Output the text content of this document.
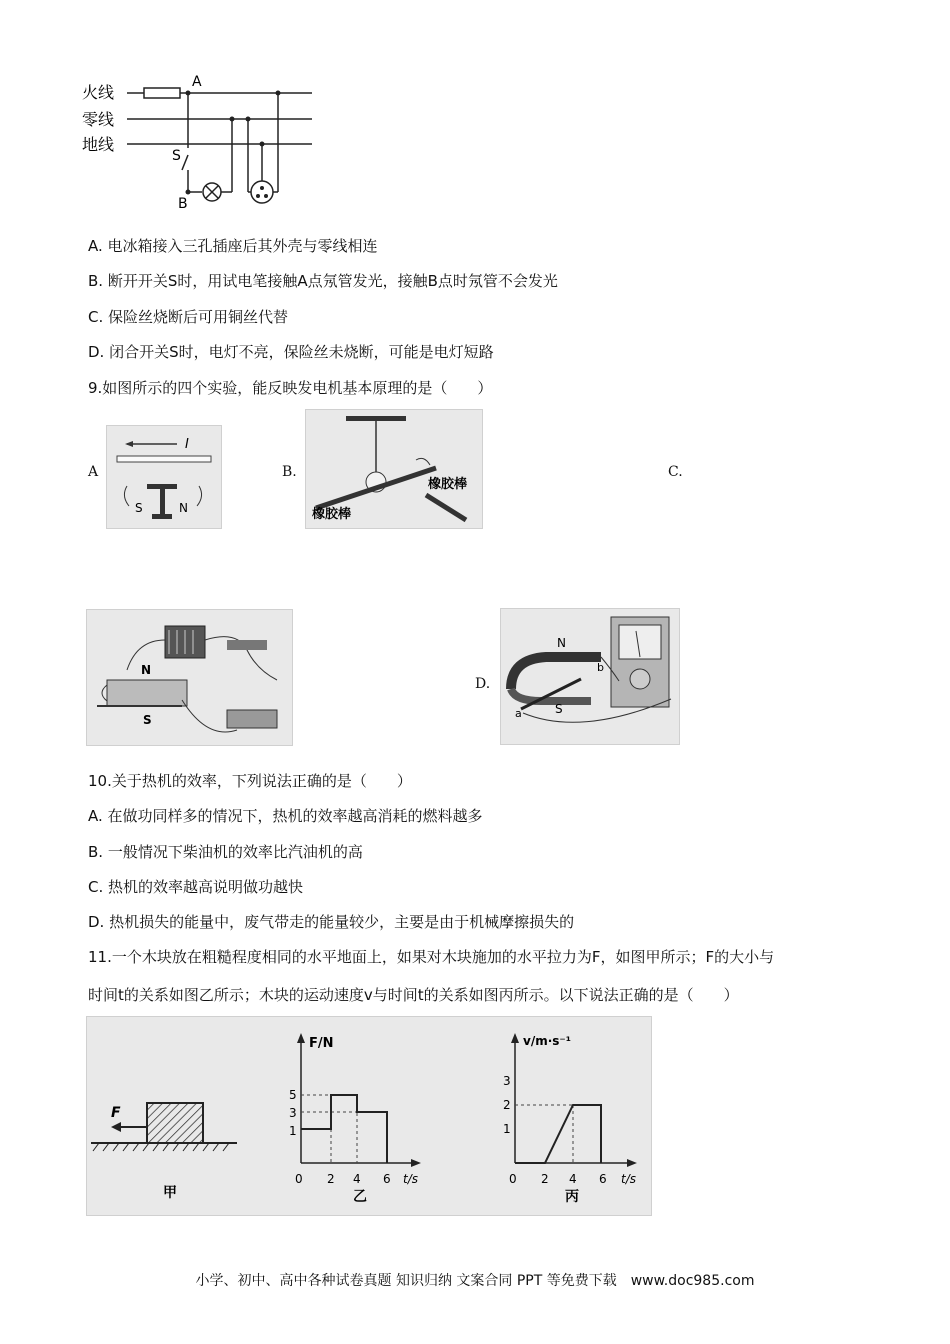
火线
零线
地线
A
S
B
A. 电冰箱接入三孔插座后其外壳与零线相连
B. 断开开关S时，用试电笔接触A点氖管发光，接触B点时氖管不会发光
C. 保险丝烧断后可用铜丝代替
D. 闭合开关S时，电灯不亮，保险丝未烧断，可能是电灯短路
9.如图所示的四个实验，能反映发电机基本原理的是（　　）
A
I
S	N
B.
橡胶棒
橡胶棒
C.
N
S
D.
N
S
a
b
10.关于热机的效率，下列说法正确的是（　　）
A. 在做功同样多的情况下，热机的效率越高消耗的燃料越多
B. 一般情况下柴油机的效率比汽油机的高
C. 热机的效率越高说明做功越快
D. 热机损失的能量中，废气带走的能量较少，主要是由于机械摩擦损失的
11.一个木块放在粗糙程度相同的水平地面上，如果对木块施加的水平拉力为F，如图甲所示；F的大小与
时间t的关系如图乙所示；木块的运动速度v与时间t的关系如图丙所示。以下说法正确的是（　　）
F
甲
F/N
t/s
5
3
1
0 2 4 6
乙
v/m·s⁻¹
t/s
3
2
1
0 2 4 6
丙
小学、初中、高中各种试卷真题 知识归纳 文案合同 PPT 等免费下载　www.doc985.com
